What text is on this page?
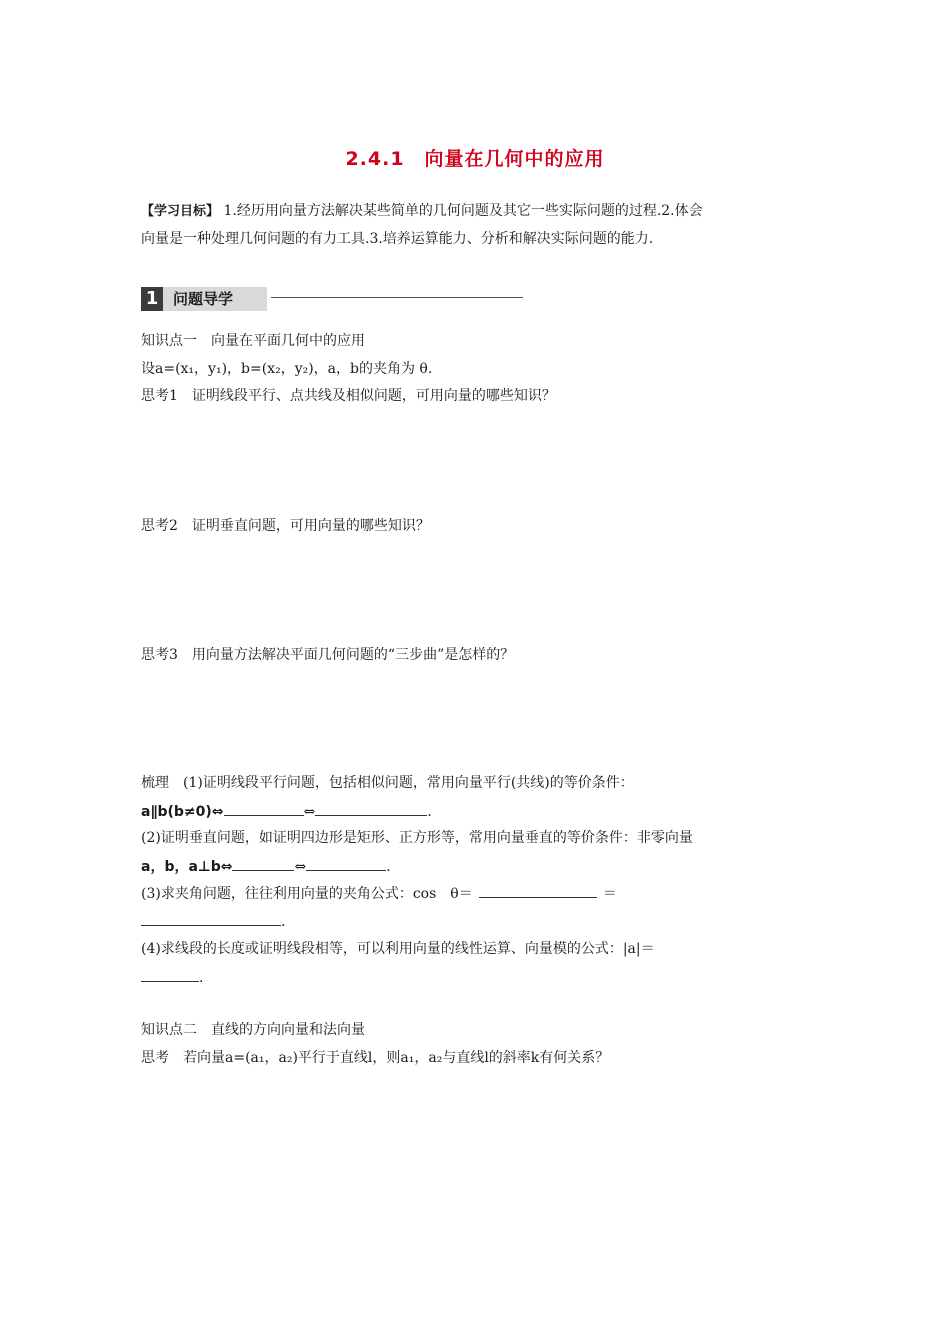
2.4.1　向量在几何中的应用
【学习目标】 1.经历用向量方法解决某些简单的几何问题及其它一些实际问题的过程.2.体会
向量是一种处理几何问题的有力工具.3.培养运算能力、分析和解决实际问题的能力.
1 问题导学
知识点一　向量在平面几何中的应用
设a=(x₁，y₁)，b=(x₂，y₂)，a，b的夹角为 θ.
思考1　证明线段平行、点共线及相似问题，可用向量的哪些知识？
思考2　证明垂直问题，可用向量的哪些知识？
思考3　用向量方法解决平面几何问题的“三步曲”是怎样的？
梳理　(1)证明线段平行问题，包括相似问题，常用向量平行(共线)的等价条件：
a∥b(b≠0)⇔	⇔	.
(2)证明垂直问题，如证明四边形是矩形、正方形等，常用向量垂直的等价条件：非零向量
a，b，a⊥b⇔	⇔	.
(3)求夹角问题，往往利用向量的夹角公式：cos　θ＝	＝
.
(4)求线段的长度或证明线段相等，可以利用向量的线性运算、向量模的公式：|a|＝
.
知识点二　直线的方向向量和法向量
思考　若向量a=(a₁，a₂)平行于直线l，则a₁，a₂与直线l的斜率k有何关系？
